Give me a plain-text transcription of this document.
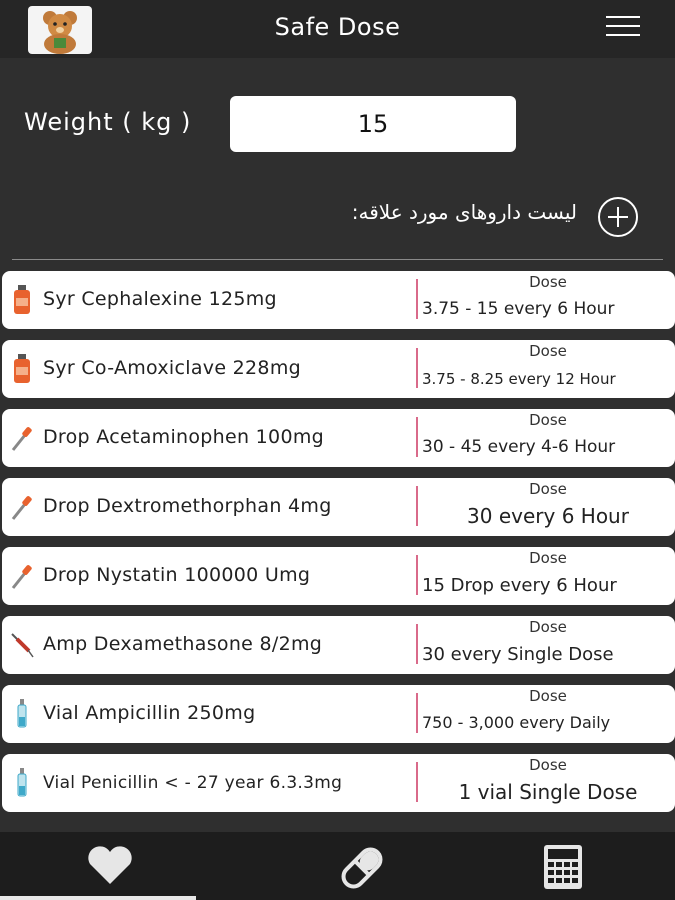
Safe Dose
Weight ( kg )
15
لیست داروهای مورد علاقه:
Syr Cephalexine 125mg
Dose
3.75 - 15 every 6 Hour
Syr Co-Amoxiclave 228mg
Dose
3.75 - 8.25 every 12 Hour
Drop Acetaminophen 100mg
Dose
30 - 45 every 4-6 Hour
Drop Dextromethorphan 4mg
Dose
30 every 6 Hour
Drop Nystatin 100000 Umg
Dose
15 Drop every 6 Hour
Amp Dexamethasone 8/2mg
Dose
30 every Single Dose
Vial Ampicillin 250mg
Dose
750 - 3,000 every Daily
Vial Penicillin < - 27 year 6.3.3mg
Dose
1 vial Single Dose
